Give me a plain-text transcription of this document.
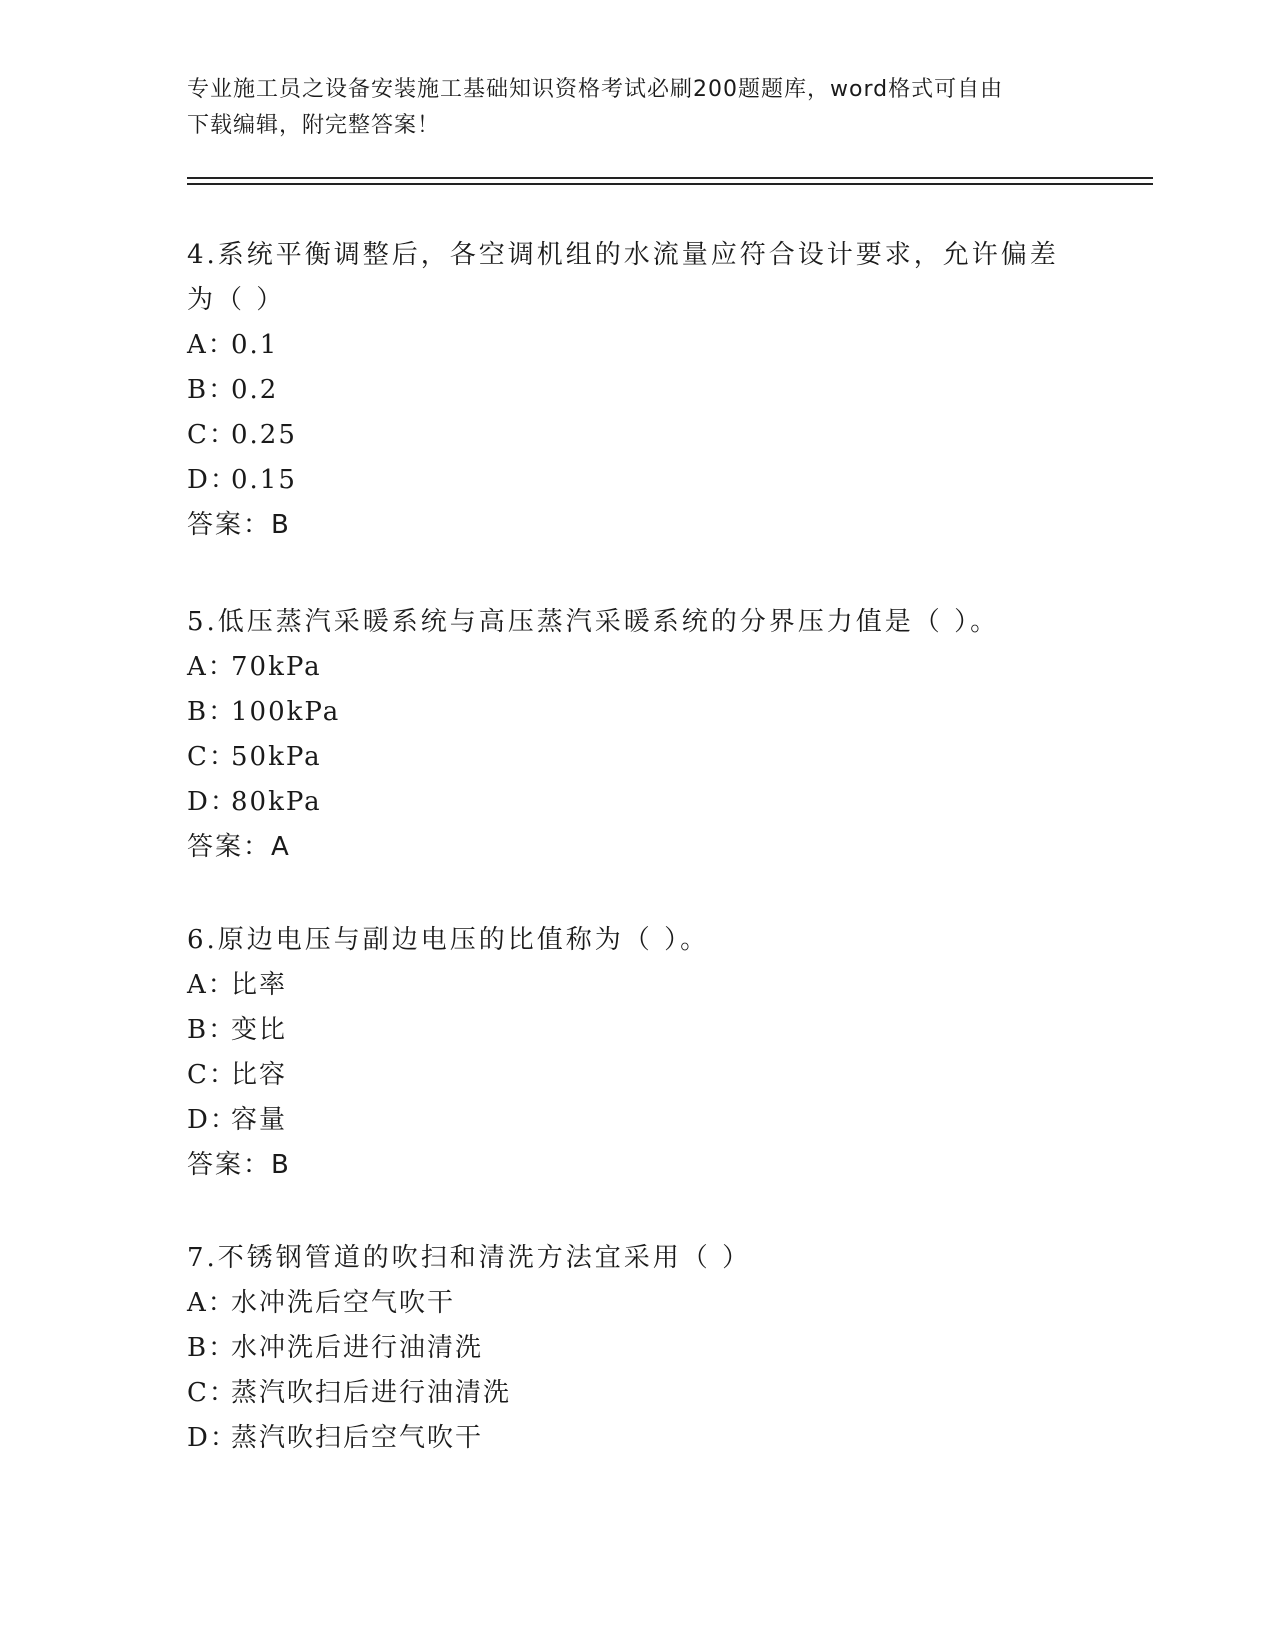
专业施工员之设备安装施工基础知识资格考试必刷200题题库，word格式可自由
下载编辑，附完整答案！
4.系统平衡调整后，各空调机组的水流量应符合设计要求，允许偏差
为（ ）
A：0.1
B：0.2
C：0.25
D：0.15
答案：B
5.低压蒸汽采暖系统与高压蒸汽采暖系统的分界压力值是（ ）。
A：70kPa
B：100kPa
C：50kPa
D：80kPa
答案：A
6.原边电压与副边电压的比值称为（ ）。
A：比率
B：变比
C：比容
D：容量
答案：B
7.不锈钢管道的吹扫和清洗方法宜采用（ ）
A：水冲洗后空气吹干
B：水冲洗后进行油清洗
C：蒸汽吹扫后进行油清洗
D：蒸汽吹扫后空气吹干
